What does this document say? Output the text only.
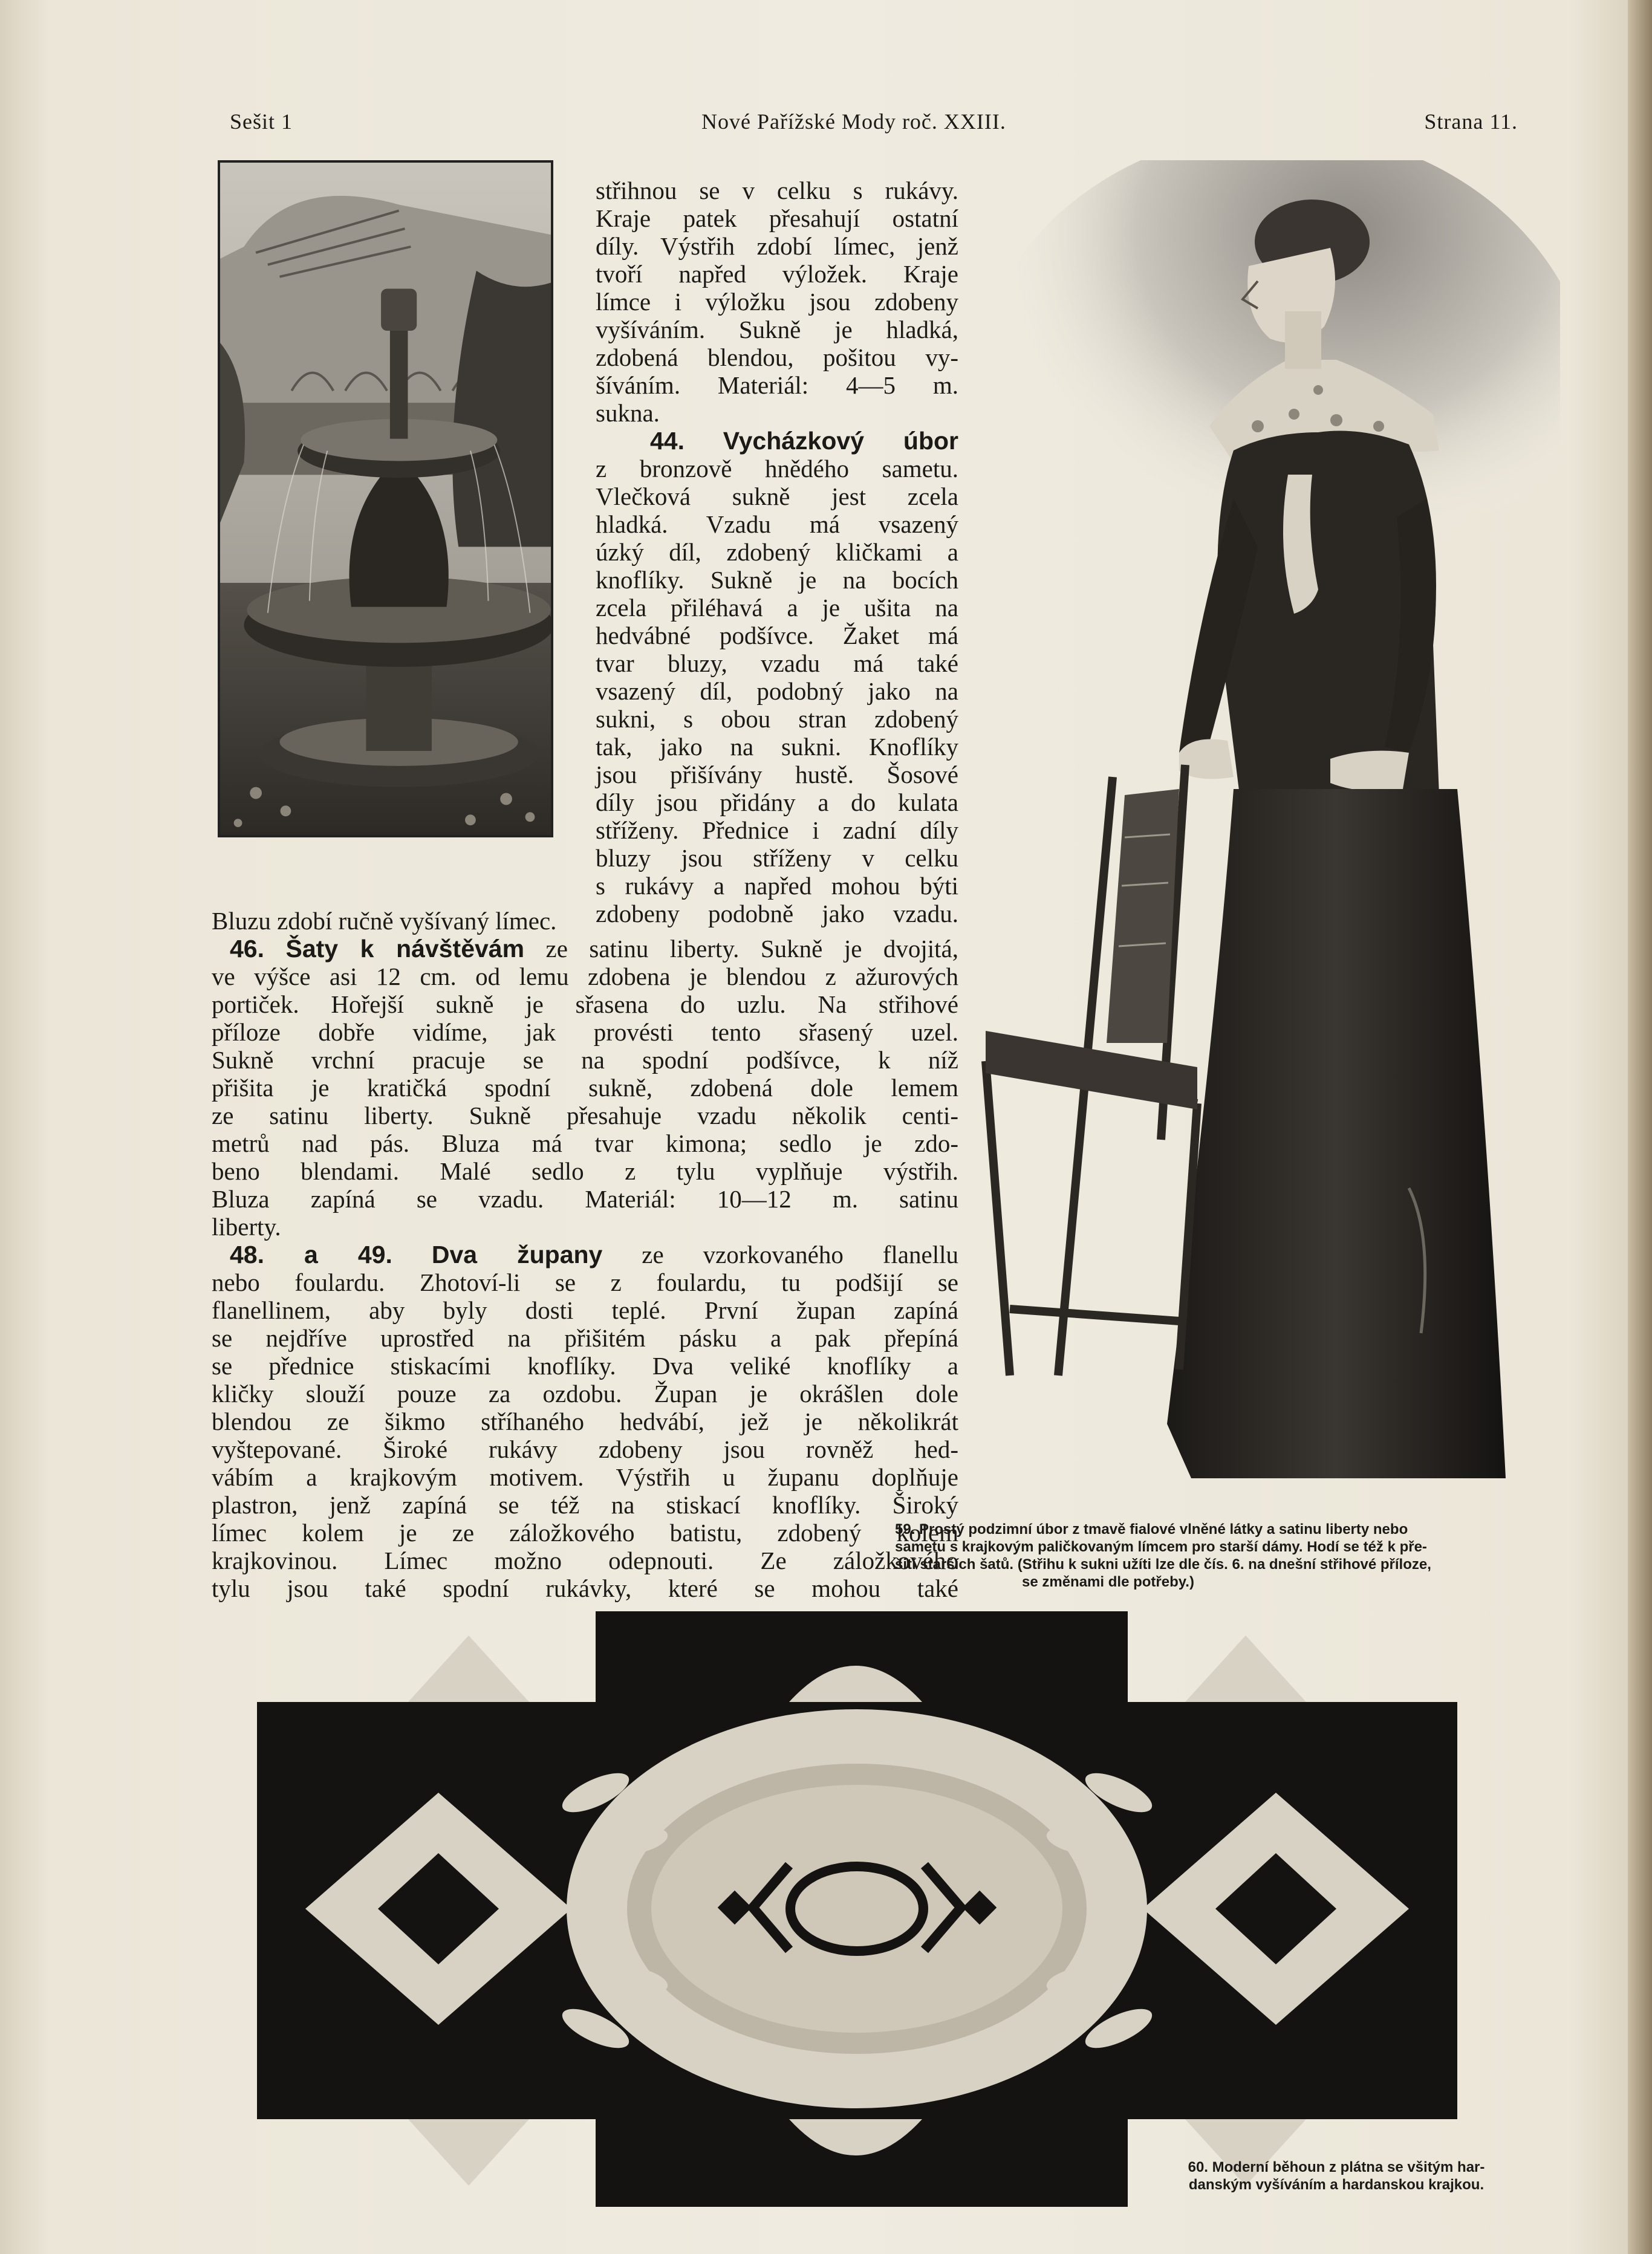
Sešit 1	Nové Pařížské Mody roč. XXIII.	Strana 11.
střihnou se v celku s rukávy.
Kraje patek přesahují ostatní
díly. Výstřih zdobí límec, jenž
tvoří napřed výložek. Kraje
límce i výložku jsou zdobeny
vyšíváním. Sukně je hladká,
zdobená blendou, pošitou vy-
šíváním. Materiál: 4—5 m.
sukna.
44. Vycházkový úbor
z bronzově hnědého sametu.
Vlečková sukně jest zcela
hladká. Vzadu má vsazený
úzký díl, zdobený kličkami a
knoflíky. Sukně je na bocích
zcela přiléhavá a je ušita na
hedvábné podšívce. Žaket má
tvar bluzy, vzadu má také
vsazený díl, podobný jako na
sukni, s obou stran zdobený
tak, jako na sukni. Knoflíky
jsou přišívány hustě. Šosové
díly jsou přidány a do kulata
stříženy. Přednice i zadní díly
bluzy jsou stříženy v celku
s rukávy a napřed mohou býti
zdobeny podobně jako vzadu.
Bluzu zdobí ručně vyšívaný límec.
46. Šaty k návštěvám ze satinu liberty. Sukně je dvojitá,
ve výšce asi 12 cm. od lemu zdobena je blendou z ažurových
portiček. Hořejší sukně je sřasena do uzlu. Na střihové
příloze dobře vidíme, jak provésti tento sřasený uzel.
Sukně vrchní pracuje se na spodní podšívce, k níž
přišita je kratičká spodní sukně, zdobená dole lemem
ze satinu liberty. Sukně přesahuje vzadu několik centi-
metrů nad pás. Bluza má tvar kimona; sedlo je zdo-
beno blendami. Malé sedlo z tylu vyplňuje výstřih.
Bluza zapíná se vzadu. Materiál: 10—12 m. satinu
liberty.
48. a 49. Dva župany ze vzorkovaného flanellu
nebo foulardu. Zhotoví-li se z foulardu, tu podšijí se
flanellinem, aby byly dosti teplé. První župan zapíná
se nejdříve uprostřed na přišitém pásku a pak přepíná
se přednice stiskacími knoflíky. Dva veliké knoflíky a
kličky slouží pouze za ozdobu. Župan je okrášlen dole
blendou ze šikmo stříhaného hedvábí, jež je několikrát
vyštepované. Široké rukávy zdobeny jsou rovněž hed-
vábím a krajkovým motivem. Výstřih u županu doplňuje
plastron, jenž zapíná se též na stiskací knoflíky. Široký
límec kolem je ze záložkového batistu, zdobený kolem
krajkovinou. Límec možno odepnouti. Ze záložkového
tylu jsou také spodní rukávky, které se mohou také
59. Prostý podzimní úbor z tmavě fialové vlněné látky a satinu liberty nebo
sametu s krajkovým paličkovaným límcem pro starší dámy. Hodí se též k pře-
šití starších šatů. (Střihu k sukni užíti lze dle čís. 6. na dnešní střihové příloze,
se změnami dle potřeby.)
60. Moderní běhoun z plátna se všitým har-
danským vyšíváním a hardanskou krajkou.
